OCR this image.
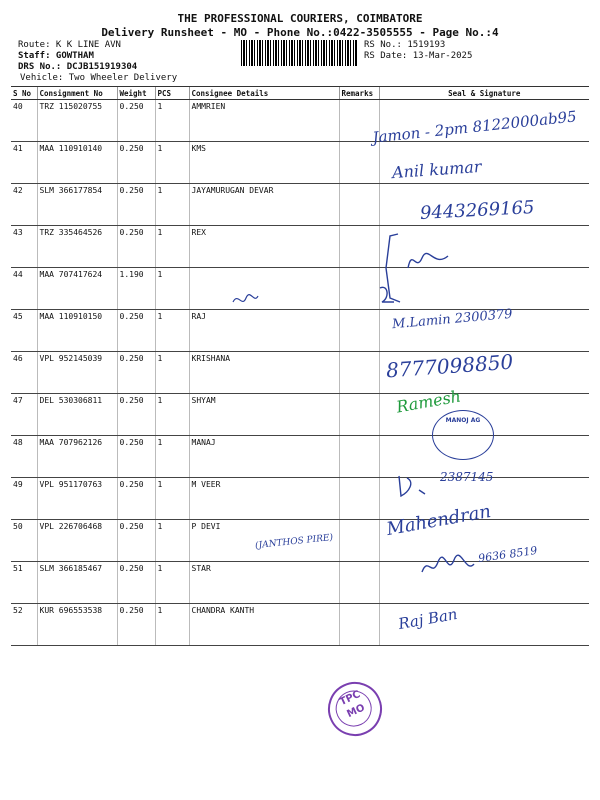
THE PROFESSIONAL COURIERS, COIMBATORE
Delivery Runsheet - MO - Phone No.:0422-3505555 - Page No.:4
Route: K K LINE AVN
Staff: GOWTHAM
DRS No.: DCJB151919304
Vehicle: Two Wheeler Delivery
RS No.: 1519193
RS Date: 13-Mar-2025
S No	Consignment No	Weight	PCS	Consignee Details	Remarks	Seal & Signature
40	TRZ 115020755	0.250	1	AMMRIEN		
41	MAA 110910140	0.250	1	KMS		
42	SLM 366177854	0.250	1	JAYAMURUGAN DEVAR		
43	TRZ 335464526	0.250	1	REX		
44	MAA 707417624	1.190	1			
45	MAA 110910150	0.250	1	RAJ		
46	VPL 952145039	0.250	1	KRISHANA		
47	DEL 530306811	0.250	1	SHYAM		
48	MAA 707962126	0.250	1	MANAJ		
49	VPL 951170763	0.250	1	M VEER		
50	VPL 226706468	0.250	1	P DEVI		
51	SLM 366185467	0.250	1	STAR		
52	KUR 696553538	0.250	1	CHANDRA KANTH		
Jamon - 2pm 8122000ab95
Anil kumar
9443269165
M.Lamin 2300379
8777098850
Ramesh
2387145
Mahendran
9636 8519
(JANTHOS PIRE)
Raj Ban
MANOJ AG
TPC
MO
